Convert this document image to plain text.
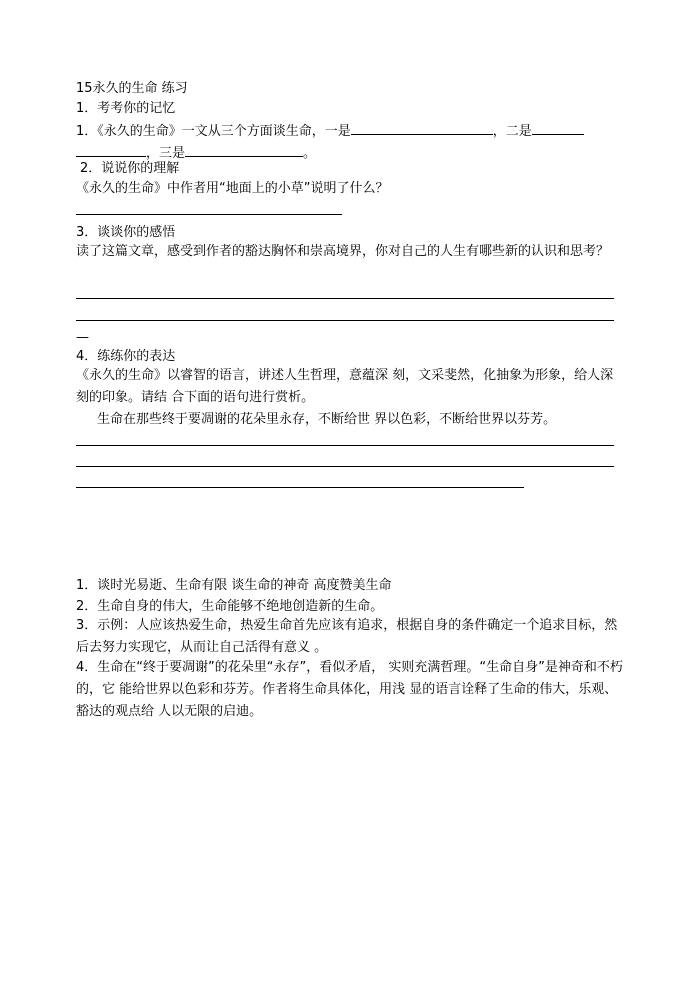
15永久的生命 练习
1．考考你的记忆
1．《永久的生命》一文从三个方面谈生命，一是	，二是
，三是	。
2．说说你的理解
《永久的生命》中作者用“地面上的小草”说明了什么？
3．谈谈你的感悟
读了这篇文章，感受到作者的豁达胸怀和崇高境界，你对自己的人生有哪些新的认识和思考？
—
4．练练你的表达
《永久的生命》以睿智的语言，讲述人生哲理，意蕴深 刻，文采斐然，化抽象为形象，给人深刻的印象。请结 合下面的语句进行赏析。
生命在那些终于要凋谢的花朵里永存，不断给世 界以色彩，不断给世界以芬芳。
1．谈时光易逝、生命有限 谈生命的神奇 高度赞美生命
2．生命自身的伟大，生命能够不绝地创造新的生命。
3．示例：人应该热爱生命，热爱生命首先应该有追求，根据自身的条件确定一个追求目标，然后去努力实现它，从而让自己活得有意义 。
4．生命在“终于要凋谢”的花朵里“永存”，看似矛盾， 实则充满哲理。“生命自身”是神奇和不朽的，它 能给世界以色彩和芬芳。作者将生命具体化，用浅 显的语言诠释了生命的伟大，乐观、豁达的观点给 人以无限的启迪。
